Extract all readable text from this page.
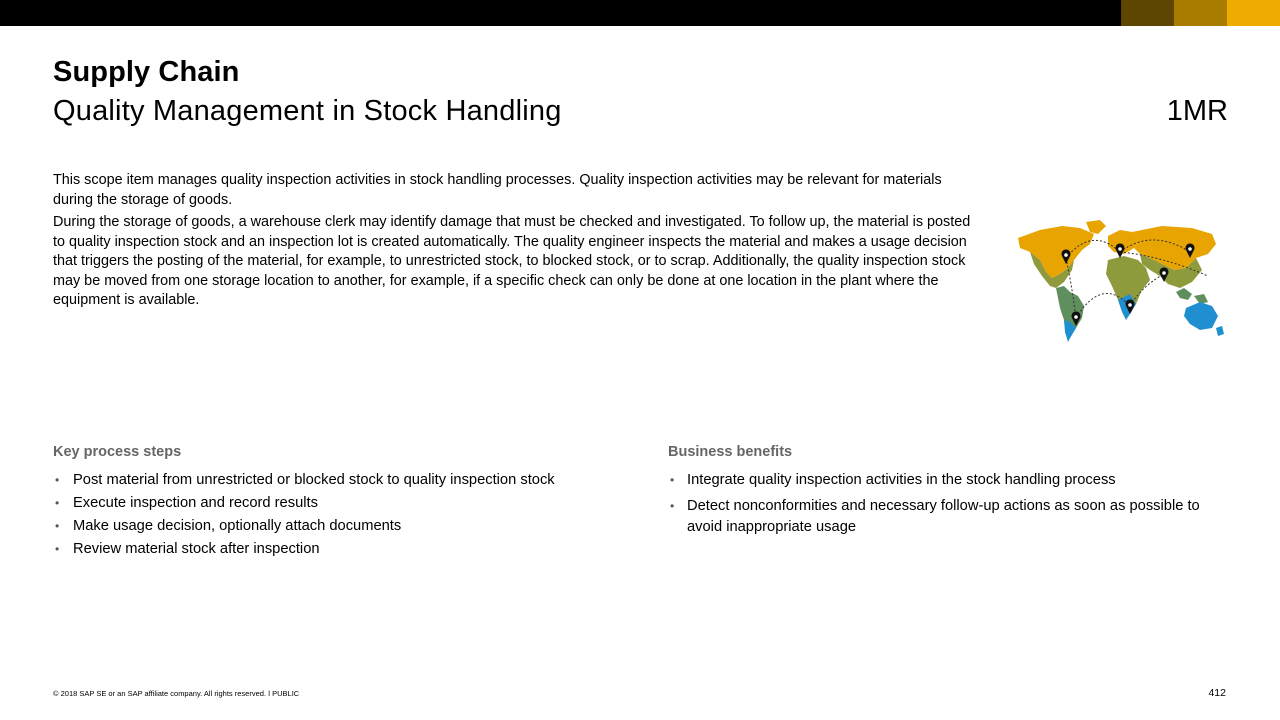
Supply Chain
Quality Management in Stock Handling	1MR

This scope item manages quality inspection activities in stock handling processes. Quality inspection activities may be relevant for materials during the storage of goods.

During the storage of goods, a warehouse clerk may identify damage that must be checked and investigated. To follow up, the material is posted to quality inspection stock and an inspection lot is created automatically. The quality engineer inspects the material and makes a usage decision that triggers the posting of the material, for example, to unrestricted stock, to blocked stock, or to scrap. Additionally, the quality inspection stock may be moved from one storage location to another, for example, if a specific check can only be done at one location in the plant where the equipment is available.

Key process steps
• Post material from unrestricted or blocked stock to quality inspection stock
• Execute inspection and record results
• Make usage decision, optionally attach documents
• Review material stock after inspection
Business benefits
• Integrate quality inspection activities in the stock handling process
• Detect nonconformities and necessary follow-up actions as soon as possible to avoid inappropriate usage
© 2018 SAP SE or an SAP affiliate company. All rights reserved. ǀ PUBLIC	412
